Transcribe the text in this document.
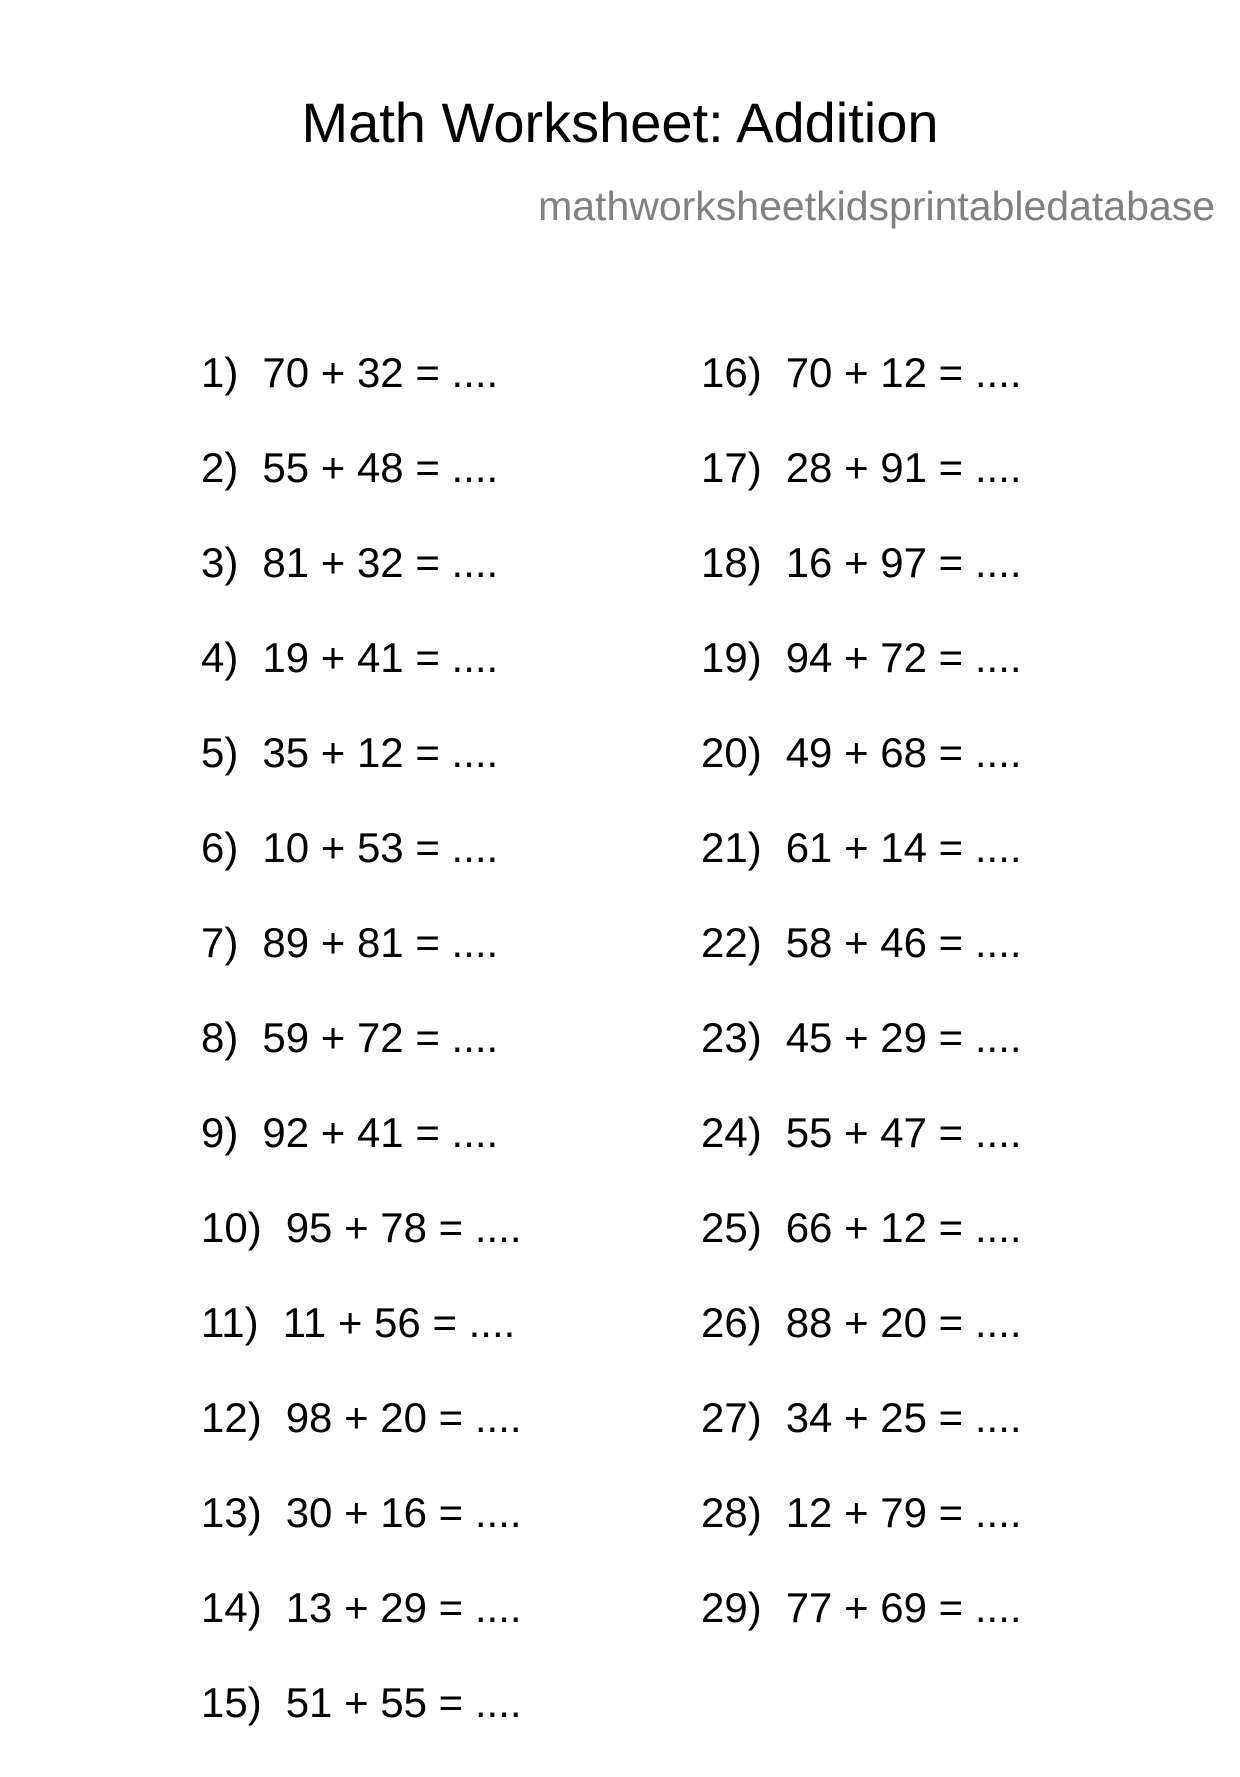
Math Worksheet: Addition
mathworksheetkidsprintabledatabase
1) 70 + 32 = ....
2) 55 + 48 = ....
3) 81 + 32 = ....
4) 19 + 41 = ....
5) 35 + 12 = ....
6) 10 + 53 = ....
7) 89 + 81 = ....
8) 59 + 72 = ....
9) 92 + 41 = ....
10) 95 + 78 = ....
11) 11 + 56 = ....
12) 98 + 20 = ....
13) 30 + 16 = ....
14) 13 + 29 = ....
15) 51 + 55 = ....
16) 70 + 12 = ....
17) 28 + 91 = ....
18) 16 + 97 = ....
19) 94 + 72 = ....
20) 49 + 68 = ....
21) 61 + 14 = ....
22) 58 + 46 = ....
23) 45 + 29 = ....
24) 55 + 47 = ....
25) 66 + 12 = ....
26) 88 + 20 = ....
27) 34 + 25 = ....
28) 12 + 79 = ....
29) 77 + 69 = ....
